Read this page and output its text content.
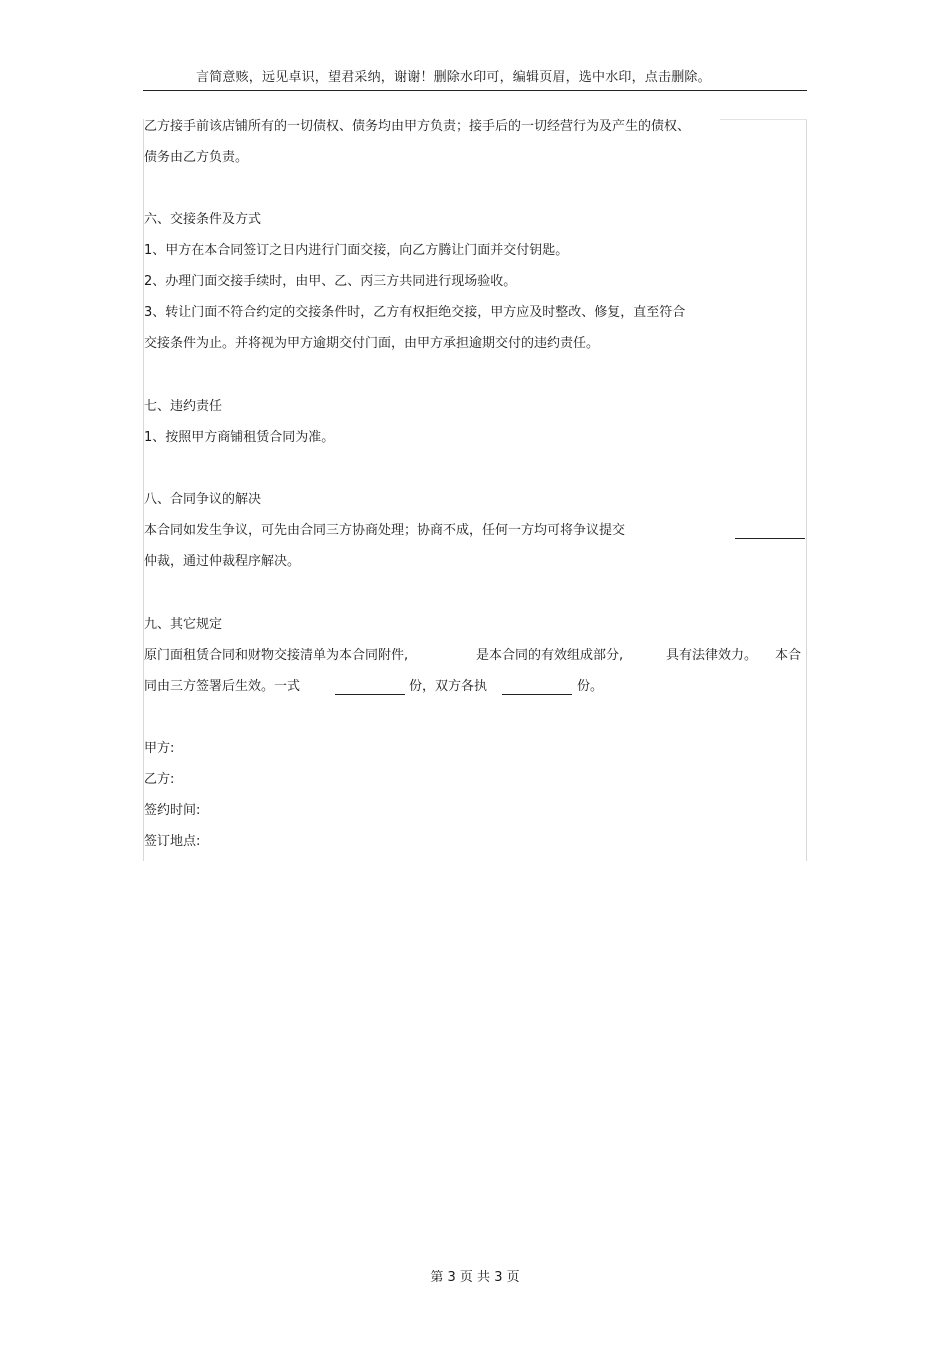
言简意赅，远见卓识，望君采纳，谢谢！删除水印可，编辑页眉，选中水印，点击删除。
乙方接手前该店铺所有的一切债权、债务均由甲方负责；接手后的一切经营行为及产生的债权、
债务由乙方负责。
六、交接条件及方式
1、甲方在本合同签订之日内进行门面交接，向乙方腾让门面并交付钥匙。
2、办理门面交接手续时，由甲、乙、丙三方共同进行现场验收。
3、转让门面不符合约定的交接条件时，乙方有权拒绝交接，甲方应及时整改、修复，直至符合
交接条件为止。并将视为甲方逾期交付门面，由甲方承担逾期交付的违约责任。
七、违约责任
1、按照甲方商铺租赁合同为准。
八、合同争议的解决
本合同如发生争议，可先由合同三方协商处理；协商不成，任何一方均可将争议提交
仲裁，通过仲裁程序解决。
九、其它规定
原门面租赁合同和财物交接清单为本合同附件,	是本合同的有效组成部分,	具有法律效力。 本合
同由三方签署后生效。一式	份，双方各执	份。
甲方:
乙方:
签约时间:
签订地点:
第 3 页 共 3 页
